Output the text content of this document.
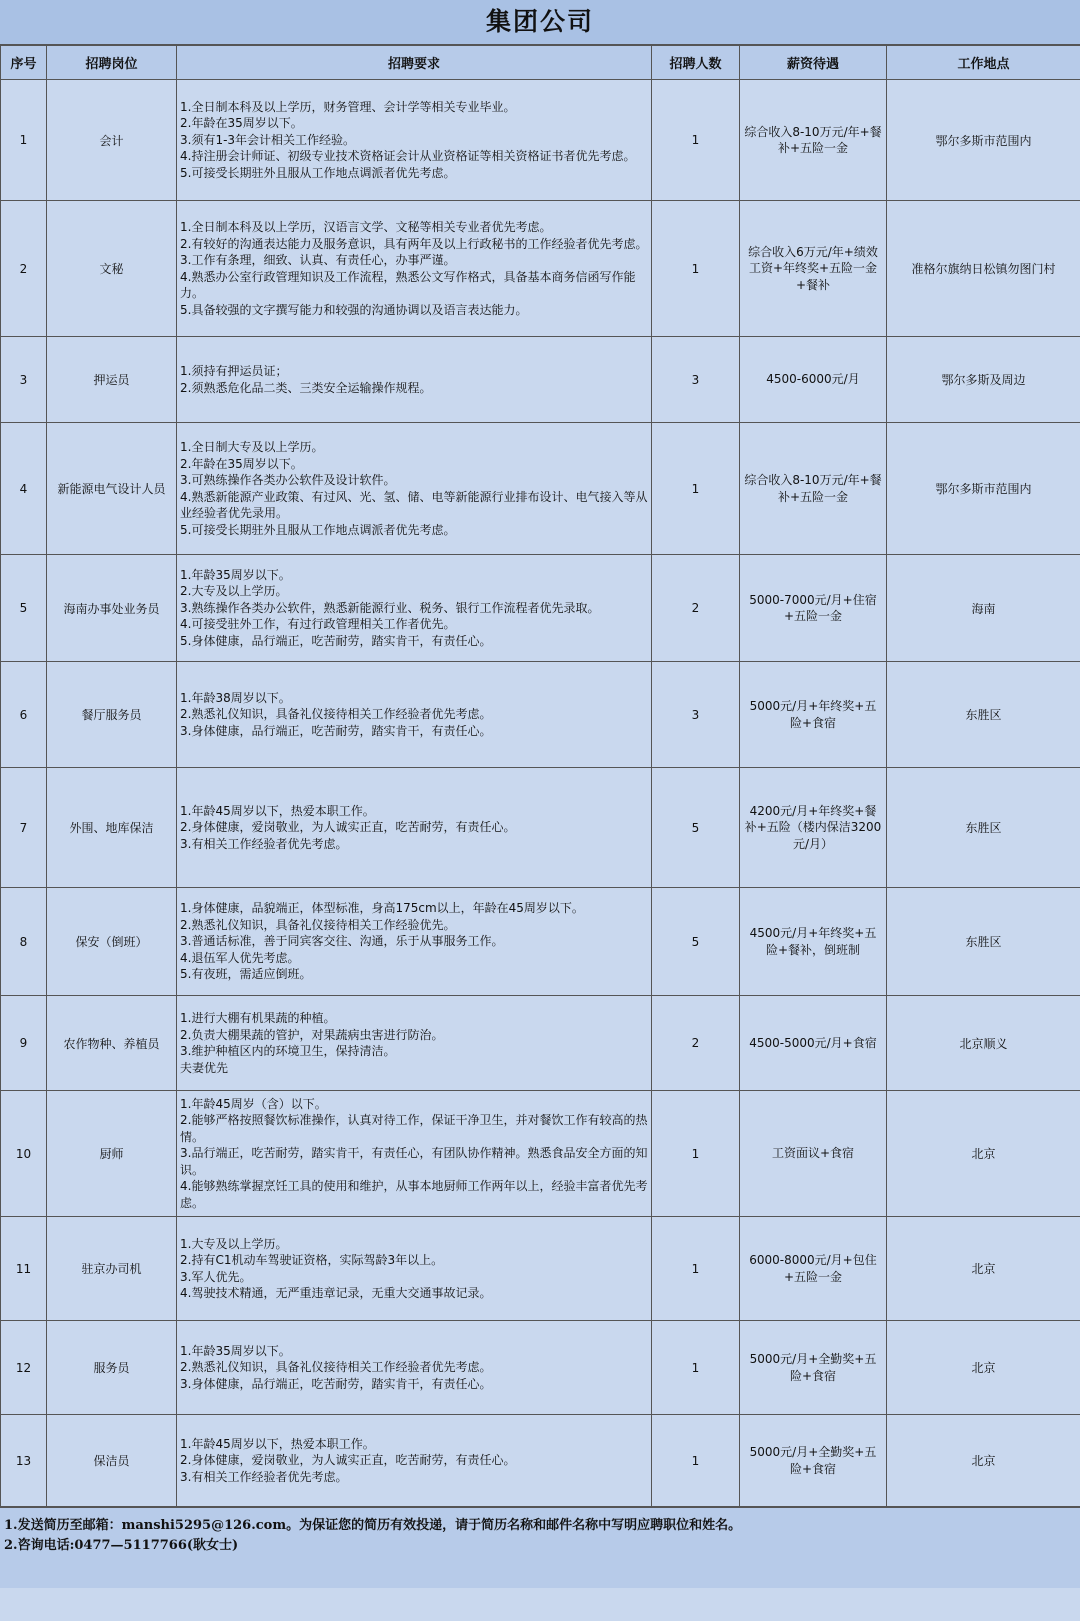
集团公司
序号	招聘岗位	招聘要求	招聘人数	薪资待遇	工作地点
1	会计	1.全日制本科及以上学历，财务管理、会计学等相关专业毕业。
2.年龄在35周岁以下。
3.须有1-3年会计相关工作经验。
4.持注册会计师证、初级专业技术资格证会计从业资格证等相关资格证书者优先考虑。
5.可接受长期驻外且服从工作地点调派者优先考虑。	1	综合收入8-10万元/年+餐补+五险一金	鄂尔多斯市范围内
2	文秘	1.全日制本科及以上学历，汉语言文学、文秘等相关专业者优先考虑。
2.有较好的沟通表达能力及服务意识，具有两年及以上行政秘书的工作经验者优先考虑。
3.工作有条理，细致、认真、有责任心，办事严谨。
4.熟悉办公室行政管理知识及工作流程，熟悉公文写作格式，具备基本商务信函写作能力。
5.具备较强的文字撰写能力和较强的沟通协调以及语言表达能力。	1	综合收入6万元/年+绩效工资+年终奖+五险一金+餐补	准格尔旗纳日松镇勿图门村
3	押运员	1.须持有押运员证；
2.须熟悉危化品二类、三类安全运输操作规程。	3	4500-6000元/月	鄂尔多斯及周边
4	新能源电气设计人员	1.全日制大专及以上学历。
2.年龄在35周岁以下。
3.可熟练操作各类办公软件及设计软件。
4.熟悉新能源产业政策、有过风、光、氢、储、电等新能源行业排布设计、电气接入等从业经验者优先录用。
5.可接受长期驻外且服从工作地点调派者优先考虑。	1	综合收入8-10万元/年+餐补+五险一金	鄂尔多斯市范围内
5	海南办事处业务员	1.年龄35周岁以下。
2.大专及以上学历。
3.熟练操作各类办公软件，熟悉新能源行业、税务、银行工作流程者优先录取。
4.可接受驻外工作，有过行政管理相关工作者优先。
5.身体健康，品行端正，吃苦耐劳，踏实肯干，有责任心。	2	5000-7000元/月+住宿+五险一金	海南
6	餐厅服务员	1.年龄38周岁以下。
2.熟悉礼仪知识，具备礼仪接待相关工作经验者优先考虑。
3.身体健康，品行端正，吃苦耐劳，踏实肯干，有责任心。	3	5000元/月+年终奖+五险+食宿	东胜区
7	外围、地库保洁	1.年龄45周岁以下，热爱本职工作。
2.身体健康，爱岗敬业，为人诚实正直，吃苦耐劳，有责任心。
3.有相关工作经验者优先考虑。	5	4200元/月+年终奖+餐补+五险（楼内保洁3200元/月）	东胜区
8	保安（倒班）	1.身体健康，品貌端正，体型标准，身高175cm以上，年龄在45周岁以下。
2.熟悉礼仪知识，具备礼仪接待相关工作经验优先。
3.普通话标准，善于同宾客交往、沟通，乐于从事服务工作。
4.退伍军人优先考虑。
5.有夜班，需适应倒班。	5	4500元/月+年终奖+五险+餐补，倒班制	东胜区
9	农作物种、养植员	1.进行大棚有机果蔬的种植。
2.负责大棚果蔬的管护，对果蔬病虫害进行防治。
3.维护种植区内的环境卫生，保持清洁。
夫妻优先	2	4500-5000元/月+食宿	北京顺义
10	厨师	1.年龄45周岁（含）以下。
2.能够严格按照餐饮标准操作，认真对待工作，保证干净卫生，并对餐饮工作有较高的热情。
3.品行端正，吃苦耐劳，踏实肯干，有责任心，有团队协作精神。熟悉食品安全方面的知识。
4.能够熟练掌握烹饪工具的使用和维护，从事本地厨师工作两年以上，经验丰富者优先考虑。	1	工资面议+食宿	北京
11	驻京办司机	1.大专及以上学历。
2.持有C1机动车驾驶证资格，实际驾龄3年以上。
3.军人优先。
4.驾驶技术精通，无严重违章记录，无重大交通事故记录。	1	6000-8000元/月+包住+五险一金	北京
12	服务员	1.年龄35周岁以下。
2.熟悉礼仪知识，具备礼仪接待相关工作经验者优先考虑。
3.身体健康，品行端正，吃苦耐劳，踏实肯干，有责任心。	1	5000元/月+全勤奖+五险+食宿	北京
13	保洁员	1.年龄45周岁以下，热爱本职工作。
2.身体健康，爱岗敬业，为人诚实正直，吃苦耐劳，有责任心。
3.有相关工作经验者优先考虑。	1	5000元/月+全勤奖+五险+食宿	北京
1.发送简历至邮箱：manshi5295@126.com。为保证您的简历有效投递，请于简历名称和邮件名称中写明应聘职位和姓名。
2.咨询电话:0477—5117766(耿女士)
